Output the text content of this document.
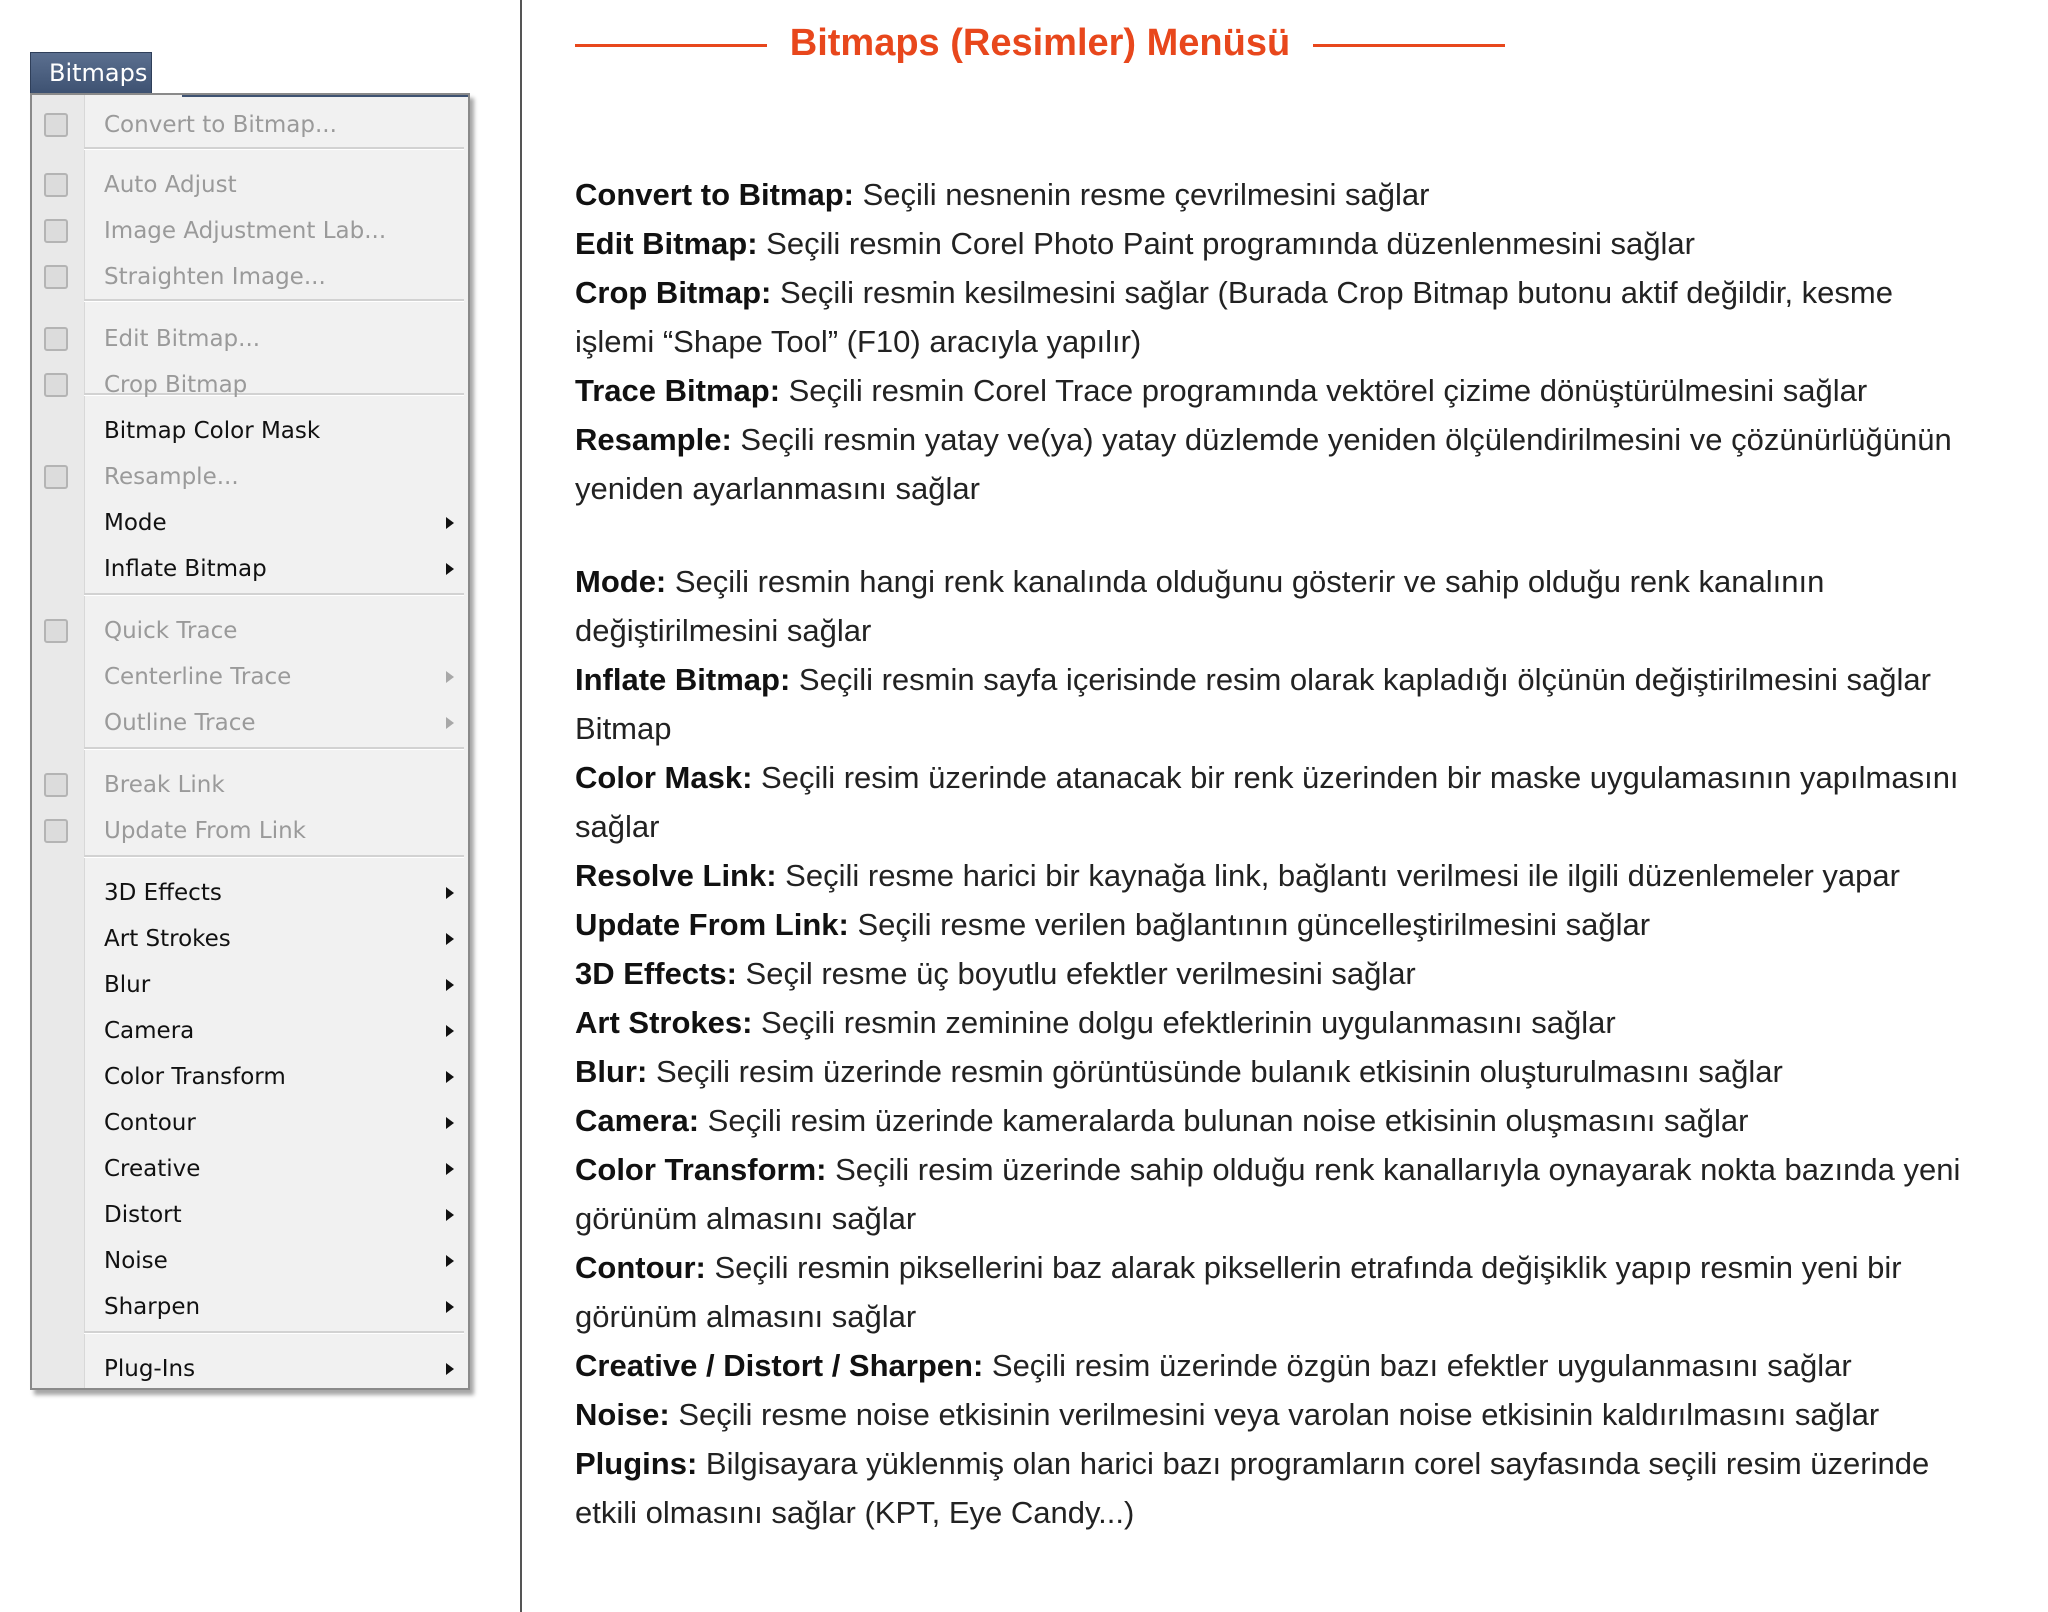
Bitmaps
Convert to Bitmap...
Auto Adjust
Image Adjustment Lab...
Straighten Image...
Edit Bitmap...
Crop Bitmap
Bitmap Color Mask
Resample...
Mode
Inflate Bitmap
Quick Trace
Centerline Trace
Outline Trace
Break Link
Update From Link
3D Effects
Art Strokes
Blur
Camera
Color Transform
Contour
Creative
Distort
Noise
Sharpen
Plug-Ins
Bitmaps (Resimler) Menüsü

Convert to Bitmap: Seçili nesnenin resme çevrilmesini sağlar

Edit Bitmap: Seçili resmin Corel Photo Paint programında düzenlenmesini sağlar

Crop Bitmap: Seçili resmin kesilmesini sağlar (Burada Crop Bitmap butonu aktif değildir, kesme

işlemi “Shape Tool” (F10) aracıyla yapılır)

Trace Bitmap: Seçili resmin Corel Trace programında vektörel çizime dönüştürülmesini sağlar

Resample: Seçili resmin yatay ve(ya) yatay düzlemde yeniden ölçülendirilmesini ve çözünürlüğünün

yeniden ayarlanmasını sağlar

Mode: Seçili resmin hangi renk kanalında olduğunu gösterir ve sahip olduğu renk kanalının

değiştirilmesini sağlar

Inflate Bitmap: Seçili resmin sayfa içerisinde resim olarak kapladığı ölçünün değiştirilmesini sağlar

Bitmap

Color Mask: Seçili resim üzerinde atanacak bir renk üzerinden bir maske uygulamasının yapılmasını

sağlar

Resolve Link: Seçili resme harici bir kaynağa link, bağlantı verilmesi ile ilgili düzenlemeler yapar

Update From Link: Seçili resme verilen bağlantının güncelleştirilmesini sağlar

3D Effects: Seçil resme üç boyutlu efektler verilmesini sağlar

Art Strokes: Seçili resmin zeminine dolgu efektlerinin uygulanmasını sağlar

Blur: Seçili resim üzerinde resmin görüntüsünde bulanık etkisinin oluşturulmasını sağlar

Camera: Seçili resim üzerinde kameralarda bulunan noise etkisinin oluşmasını sağlar

Color Transform: Seçili resim üzerinde sahip olduğu renk kanallarıyla oynayarak nokta bazında yeni

görünüm almasını sağlar

Contour: Seçili resmin piksellerini baz alarak piksellerin etrafında değişiklik yapıp resmin yeni bir

görünüm almasını sağlar

Creative / Distort / Sharpen: Seçili resim üzerinde özgün bazı efektler uygulanmasını sağlar

Noise: Seçili resme noise etkisinin verilmesini veya varolan noise etkisinin kaldırılmasını sağlar

Plugins: Bilgisayara yüklenmiş olan harici bazı programların corel sayfasında seçili resim üzerinde

etkili olmasını sağlar (KPT, Eye Candy...)
